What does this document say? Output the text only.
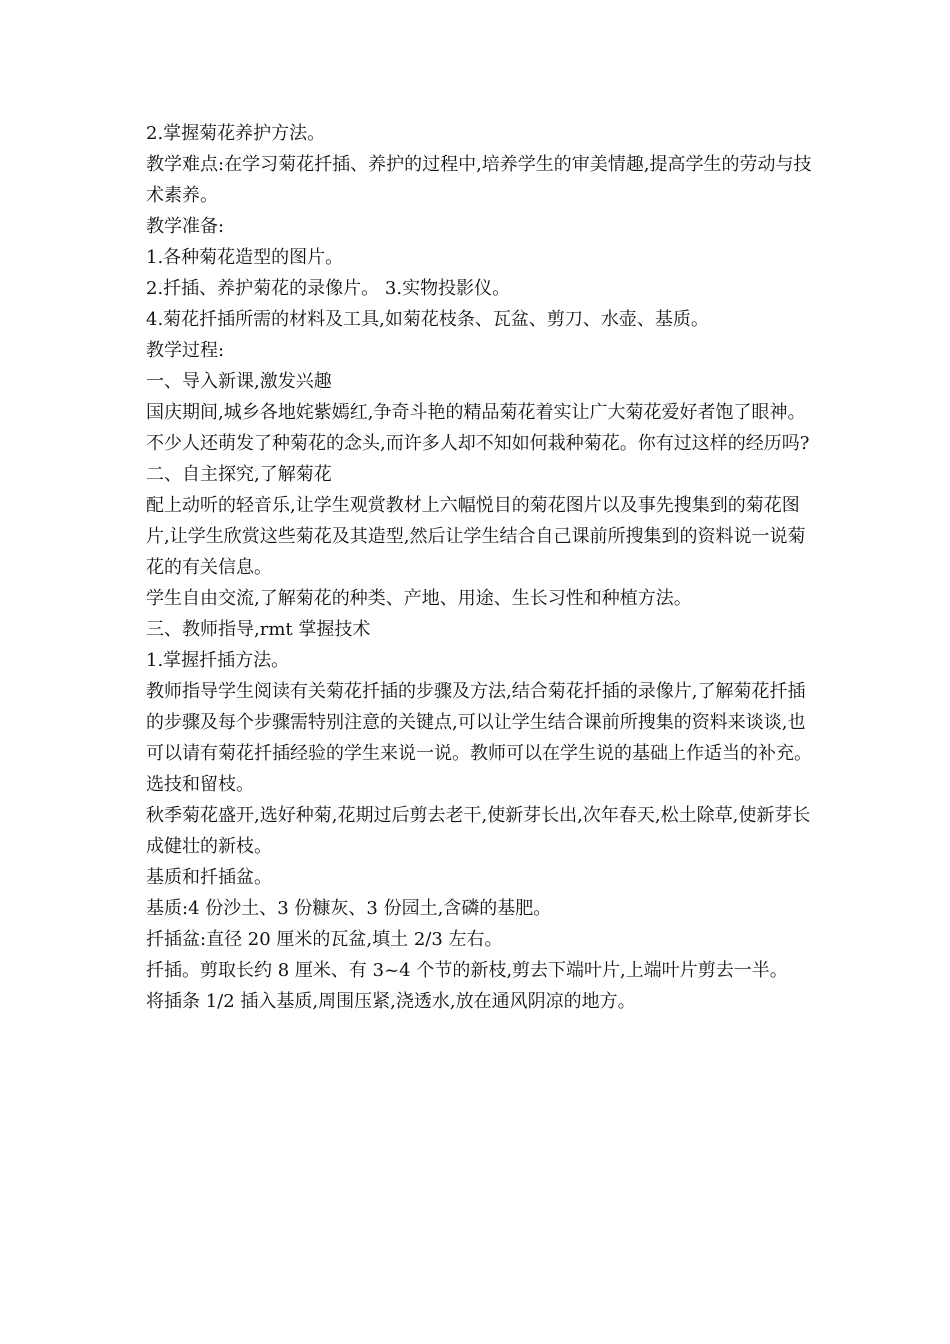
2.掌握菊花养护方法。

教学难点:在学习菊花扦插、养护的过程中,培养学生的审美情趣,提高学生的劳动与技术素养。

教学准备:

1.各种菊花造型的图片。

2.扦插、养护菊花的录像片。 3.实物投影仪。

4.菊花扦插所需的材料及工具,如菊花枝条、瓦盆、剪刀、水壶、基质。

教学过程:

一、导入新课,激发兴趣

国庆期间,城乡各地姹紫嫣红,争奇斗艳的精品菊花着实让广大菊花爱好者饱了眼神。不少人还萌发了种菊花的念头,而许多人却不知如何栽种菊花。你有过这样的经历吗?

二、自主探究,了解菊花

配上动听的轻音乐,让学生观赏教材上六幅悦目的菊花图片以及事先搜集到的菊花图片,让学生欣赏这些菊花及其造型,然后让学生结合自己课前所搜集到的资料说一说菊花的有关信息。

学生自由交流,了解菊花的种类、产地、用途、生长习性和种植方法。

三、教师指导,rmt 掌握技术

1.掌握扦插方法。

教师指导学生阅读有关菊花扦插的步骤及方法,结合菊花扦插的录像片,了解菊花扦插的步骤及每个步骤需特别注意的关键点,可以让学生结合课前所搜集的资料来谈谈,也可以请有菊花扦插经验的学生来说一说。教师可以在学生说的基础上作适当的补充。

选技和留枝。

秋季菊花盛开,选好种菊,花期过后剪去老干,使新芽长出,次年春天,松土除草,使新芽长成健壮的新枝。

基质和扦插盆。

基质:4 份沙土、3 份糠灰、3 份园土,含磷的基肥。

扦插盆:直径 20 厘米的瓦盆,填土 2/3 左右。

扦插。剪取长约 8 厘米、有 3~4 个节的新枝,剪去下端叶片,上端叶片剪去一半。

将插条 1/2 插入基质,周围压紧,浇透水,放在通风阴凉的地方。
